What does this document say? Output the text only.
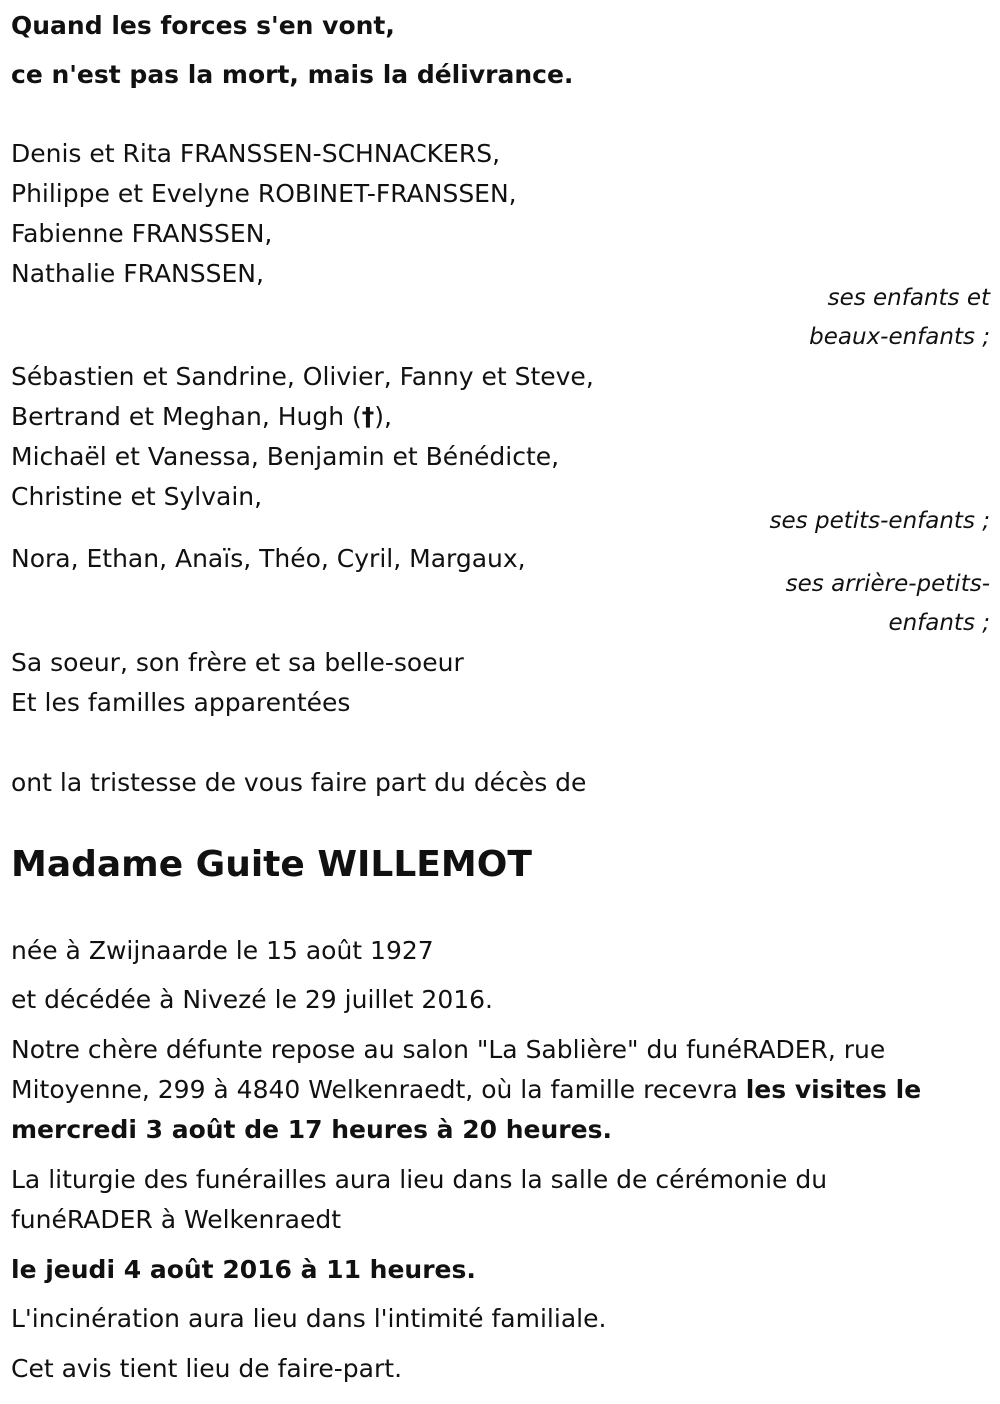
Quand les forces s'en vont,

ce n'est pas la mort, mais la délivrance.

Denis et Rita FRANSSEN-SCHNACKERS,

Philippe et Evelyne ROBINET-FRANSSEN,

Fabienne FRANSSEN,

Nathalie FRANSSEN,

ses enfants et

beaux-enfants ;

Sébastien et Sandrine, Olivier, Fanny et Steve,

Bertrand et Meghan, Hugh (†),

Michaël et Vanessa, Benjamin et Bénédicte,

Christine et Sylvain,

ses petits-enfants ;

Nora, Ethan, Anaïs, Théo, Cyril, Margaux,

ses arrière-petits-

enfants ;

Sa soeur, son frère et sa belle-soeur

Et les familles apparentées

ont la tristesse de vous faire part du décès de

Madame Guite WILLEMOT

née à Zwijnaarde le 15 août 1927

et décédée à Nivezé le 29 juillet 2016.

Notre chère défunte repose au salon "La Sablière" du funéRADER, rue

Mitoyenne, 299 à 4840 Welkenraedt, où la famille recevra les visites le

mercredi 3 août de 17 heures à 20 heures.

La liturgie des funérailles aura lieu dans la salle de cérémonie du

funéRADER à Welkenraedt

le jeudi 4 août 2016 à 11 heures.

L'incinération aura lieu dans l'intimité familiale.

Cet avis tient lieu de faire-part.
